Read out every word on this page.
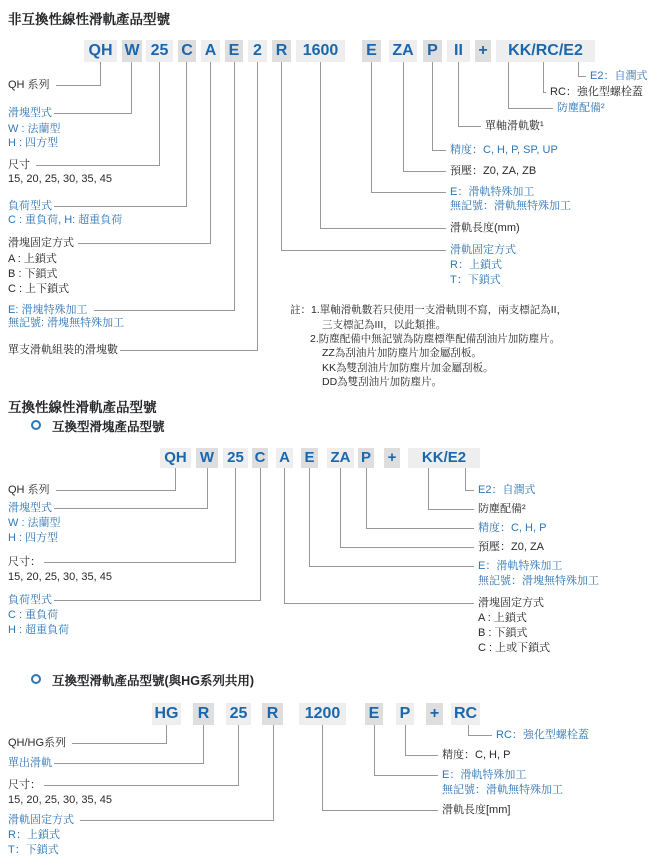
非互換性線性滑軌產品型號
QH W 25 C A E 2 R 1600	E ZA P	II +	KK/RC/E2
QH 系列
滑塊型式
W : 法蘭型
H : 四方型
尺寸
15, 20, 25, 30, 35, 45
負荷型式
C : 重負荷, H: 超重負荷
滑塊固定方式
A : 上鎖式
B : 下鎖式
C : 上下鎖式
E: 滑塊特殊加工
無記號: 滑塊無特殊加工
單支滑軌組裝的滑塊數
E2：自潤式
RC：強化型螺栓蓋
防塵配備²
單軸滑軌數¹
精度：C, H, P, SP, UP
預壓：Z0, ZA, ZB
E：滑軌特殊加工
無記號：滑軌無特殊加工
滑軌長度(mm)
滑軌固定方式
R：上鎖式
T：下鎖式
註：1.單軸滑軌數若只使用一支滑軌則不寫，兩支標記為II，
三支標記為III，以此類推。
2.防塵配備中無記號為防塵標準配備刮油片加防塵片。
ZZ為刮油片加防塵片加金屬刮板。
KK為雙刮油片加防塵片加金屬刮板。
DD為雙刮油片加防塵片。
互換性線性滑軌產品型號
互換型滑塊產品型號
QH W 25 C A E ZA P +	KK/E2
QH 系列
滑塊型式
W : 法蘭型
H : 四方型
尺寸：
15, 20, 25, 30, 35, 45
負荷型式
C : 重負荷
H : 超重負荷
E2：自潤式
防塵配備²
精度：C, H, P
預壓：Z0, ZA
E：滑軌特殊加工
無記號：滑塊無特殊加工
滑塊固定方式
A : 上鎖式
B : 下鎖式
C : 上或下鎖式
互換型滑軌產品型號(與HG系列共用)
HG R 25 R	1200	E P + RC
QH/HG系列
單出滑軌
尺寸：
15, 20, 25, 30, 35, 45
滑軌固定方式
R：上鎖式
T：下鎖式
RC：強化型螺栓蓋
精度：C, H, P
E：滑軌特殊加工
無記號：滑軌無特殊加工
滑軌長度[mm]
